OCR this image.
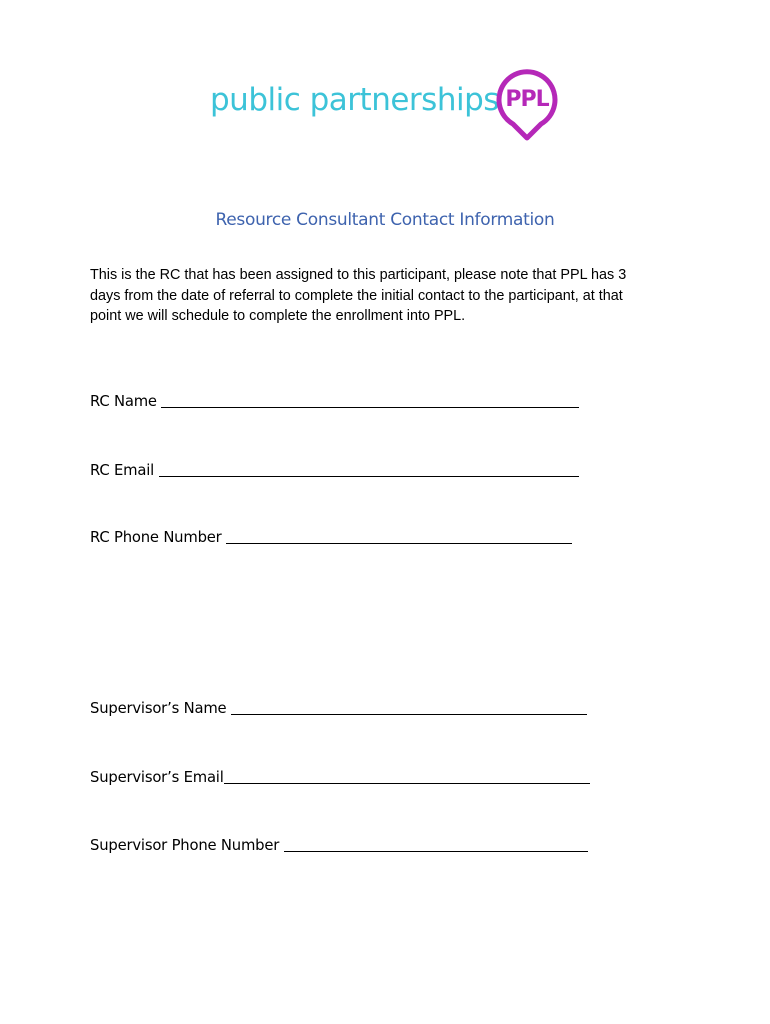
public partnerships PPL
Resource Consultant Contact Information

This is the RC that has been assigned to this participant, please note that PPL has 3

days from the date of referral to complete the initial contact to the participant, at that

point we will schedule to complete the enrollment into PPL.

RC Name
RC Email
RC Phone Number
Supervisor’s Name
Supervisor’s Email
Supervisor Phone Number
